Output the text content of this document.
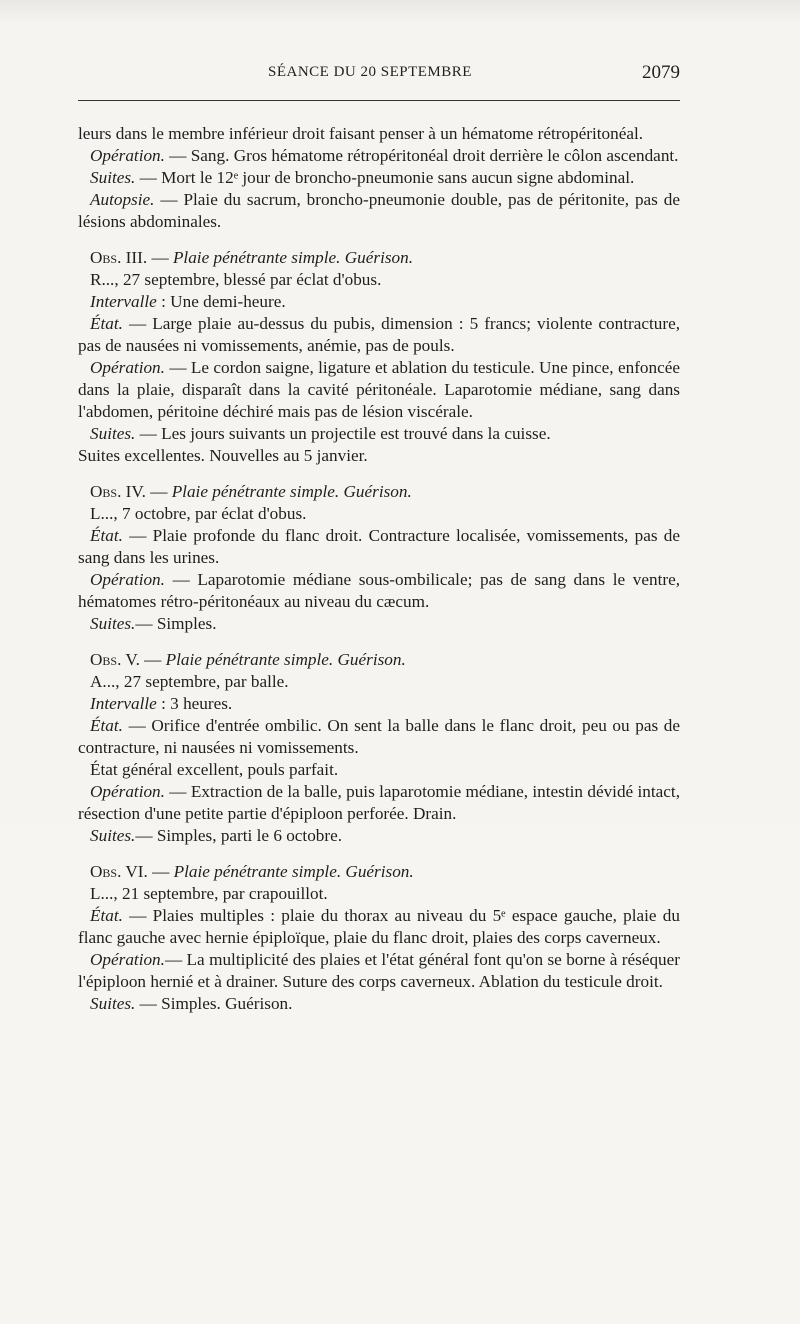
SÉANCE DU 20 SEPTEMBRE	2079

leurs dans le membre inférieur droit faisant penser à un hématome rétropéritonéal.

Opération. — Sang. Gros hématome rétropéritonéal droit derrière le côlon ascendant.

Suites. — Mort le 12ᵉ jour de broncho-pneumonie sans aucun signe abdominal.

Autopsie. — Plaie du sacrum, broncho-pneumonie double, pas de péritonite, pas de lésions abdominales.

Obs. III. — Plaie pénétrante simple. Guérison.

R..., 27 septembre, blessé par éclat d'obus.

Intervalle : Une demi-heure.

État. — Large plaie au-dessus du pubis, dimension : 5 francs; violente contracture, pas de nausées ni vomissements, anémie, pas de pouls.

Opération. — Le cordon saigne, ligature et ablation du testicule. Une pince, enfoncée dans la plaie, disparaît dans la cavité péritonéale. Laparotomie médiane, sang dans l'abdomen, péritoine déchiré mais pas de lésion viscérale.

Suites. — Les jours suivants un projectile est trouvé dans la cuisse.

Suites excellentes. Nouvelles au 5 janvier.

Obs. IV. — Plaie pénétrante simple. Guérison.

L..., 7 octobre, par éclat d'obus.

État. — Plaie profonde du flanc droit. Contracture localisée, vomissements, pas de sang dans les urines.

Opération. — Laparotomie médiane sous-ombilicale; pas de sang dans le ventre, hématomes rétro-péritonéaux au niveau du cæcum.

Suites.— Simples.

Obs. V. — Plaie pénétrante simple. Guérison.

A..., 27 septembre, par balle.

Intervalle : 3 heures.

État. — Orifice d'entrée ombilic. On sent la balle dans le flanc droit, peu ou pas de contracture, ni nausées ni vomissements.

État général excellent, pouls parfait.

Opération. — Extraction de la balle, puis laparotomie médiane, intestin dévidé intact, résection d'une petite partie d'épiploon perforée. Drain.

Suites.— Simples, parti le 6 octobre.

Obs. VI. — Plaie pénétrante simple. Guérison.

L..., 21 septembre, par crapouillot.

État. — Plaies multiples : plaie du thorax au niveau du 5ᵉ espace gauche, plaie du flanc gauche avec hernie épiploïque, plaie du flanc droit, plaies des corps caverneux.

Opération.— La multiplicité des plaies et l'état général font qu'on se borne à réséquer l'épiploon hernié et à drainer. Suture des corps caverneux. Ablation du testicule droit.

Suites. — Simples. Guérison.
